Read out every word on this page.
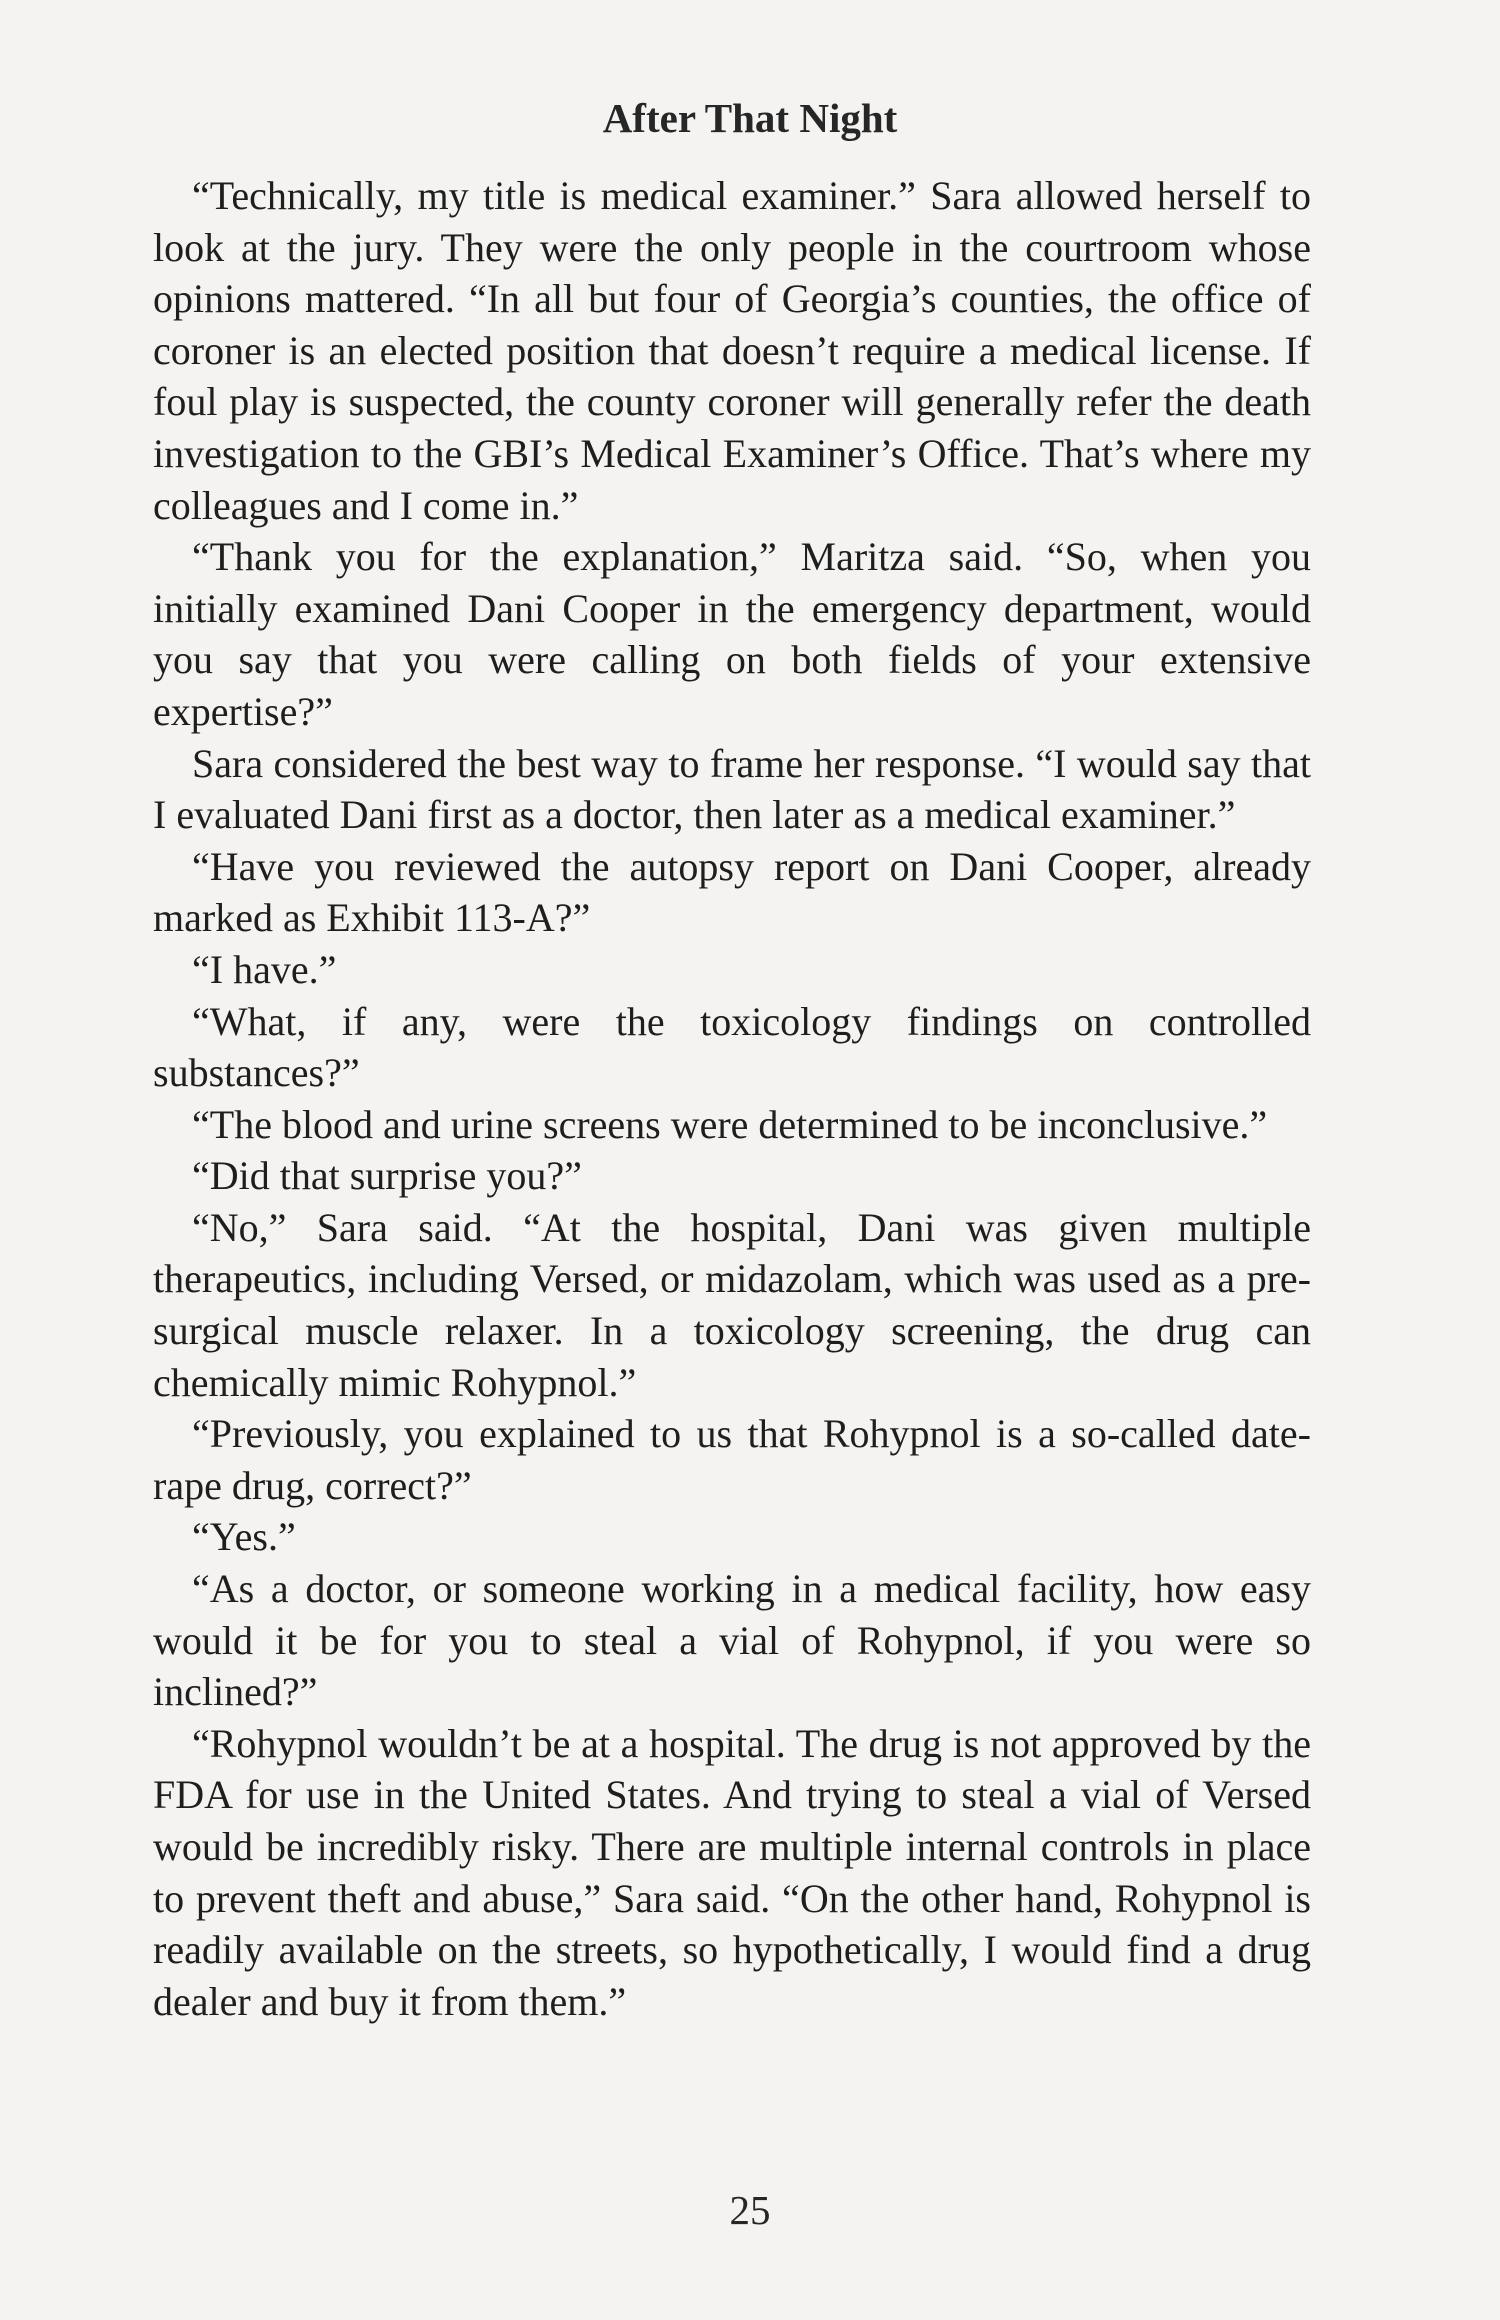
After That Night

“Technically, my title is medical examiner.” Sara allowed herself to look at the jury. They were the only people in the courtroom whose opinions mattered. “In all but four of Georgia’s counties, the office of coroner is an elected position that doesn’t require a medical license. If foul play is suspected, the county coroner will generally refer the death investigation to the GBI’s Medical Examiner’s Office. That’s where my colleagues and I come in.”

“Thank you for the explanation,” Maritza said. “So, when you initially examined Dani Cooper in the emergency department, would you say that you were calling on both fields of your extensive expertise?”

Sara considered the best way to frame her response. “I would say that I evaluated Dani first as a doctor, then later as a medical examiner.”

“Have you reviewed the autopsy report on Dani Cooper, already marked as Exhibit 113-A?”

“I have.”

“What, if any, were the toxicology findings on controlled substances?”

“The blood and urine screens were determined to be inconclusive.”

“Did that surprise you?”

“No,” Sara said. “At the hospital, Dani was given multiple therapeutics, including Versed, or midazolam, which was used as a pre-surgical muscle relaxer. In a toxicology screening, the drug can chemically mimic Rohypnol.”

“Previously, you explained to us that Rohypnol is a so-called date-rape drug, correct?”

“Yes.”

“As a doctor, or someone working in a medical facility, how easy would it be for you to steal a vial of Rohypnol, if you were so inclined?”

“Rohypnol wouldn’t be at a hospital. The drug is not approved by the FDA for use in the United States. And trying to steal a vial of Versed would be incredibly risky. There are multiple internal controls in place to prevent theft and abuse,” Sara said. “On the other hand, Rohypnol is readily available on the streets, so hypothetically, I would find a drug dealer and buy it from them.”

25
